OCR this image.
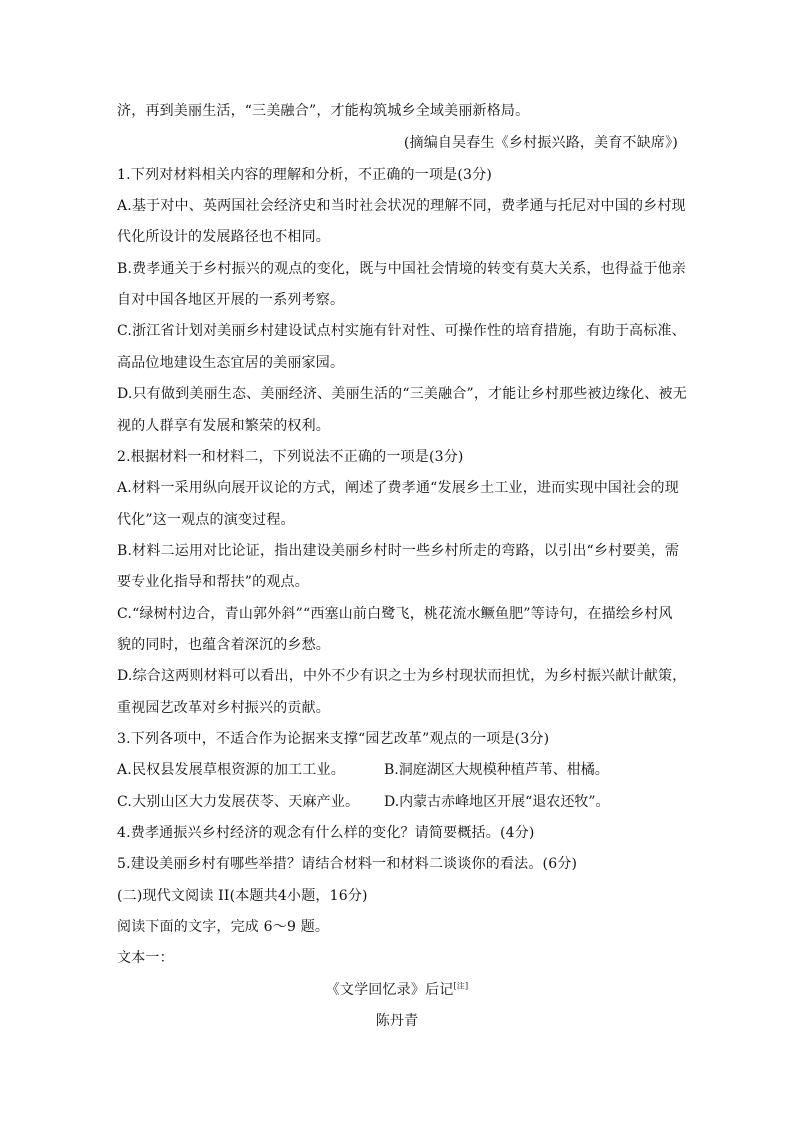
济，再到美丽生活，“三美融合”，才能构筑城乡全域美丽新格局。
(摘编自吴春生《乡村振兴路，美育不缺席》)
1.下列对材料相关内容的理解和分析，不正确的一项是(3分)
A.基于对中、英两国社会经济史和当时社会状况的理解不同，费孝通与托尼对中国的乡村现
代化所设计的发展路径也不相同。
B.费孝通关于乡村振兴的观点的变化，既与中国社会情境的转变有莫大关系，也得益于他亲
自对中国各地区开展的一系列考察。
C.浙江省计划对美丽乡村建设试点村实施有针对性、可操作性的培育措施，有助于高标准、
高品位地建设生态宜居的美丽家园。
D.只有做到美丽生态、美丽经济、美丽生活的“三美融合”，才能让乡村那些被边缘化、被无
视的人群享有发展和繁荣的权利。
2.根据材料一和材料二，下列说法不正确的一项是(3分)
A.材料一采用纵向展开议论的方式，阐述了费孝通“发展乡土工业，进而实现中国社会的现
代化”这一观点的演变过程。
B.材料二运用对比论证，指出建设美丽乡村时一些乡村所走的弯路，以引出“乡村要美，需
要专业化指导和帮扶”的观点。
C.“绿树村边合，青山郭外斜”“西塞山前白鹭飞，桃花流水鳜鱼肥”等诗句，在描绘乡村风
貌的同时，也蕴含着深沉的乡愁。
D.综合这两则材料可以看出，中外不少有识之士为乡村现状而担忧，为乡村振兴献计献策，
重视园艺改革对乡村振兴的贡献。
3.下列各项中，不适合作为论据来支撑“园艺改革”观点的一项是(3分)
A.民权县发展草根资源的加工工业。	B.洞庭湖区大规模种植芦苇、柑橘。
C.大别山区大力发展茯苓、天麻产业。 D.内蒙古赤峰地区开展“退农还牧”。
4.费孝通振兴乡村经济的观念有什么样的变化？请简要概括。(4分)
5.建设美丽乡村有哪些举措？请结合材料一和材料二谈谈你的看法。(6分)
(二)现代文阅读 II(本题共4小题，16分)
阅读下面的文字，完成 6～9 题。
文本一：
《文学回忆录》后记[注]
陈丹青
